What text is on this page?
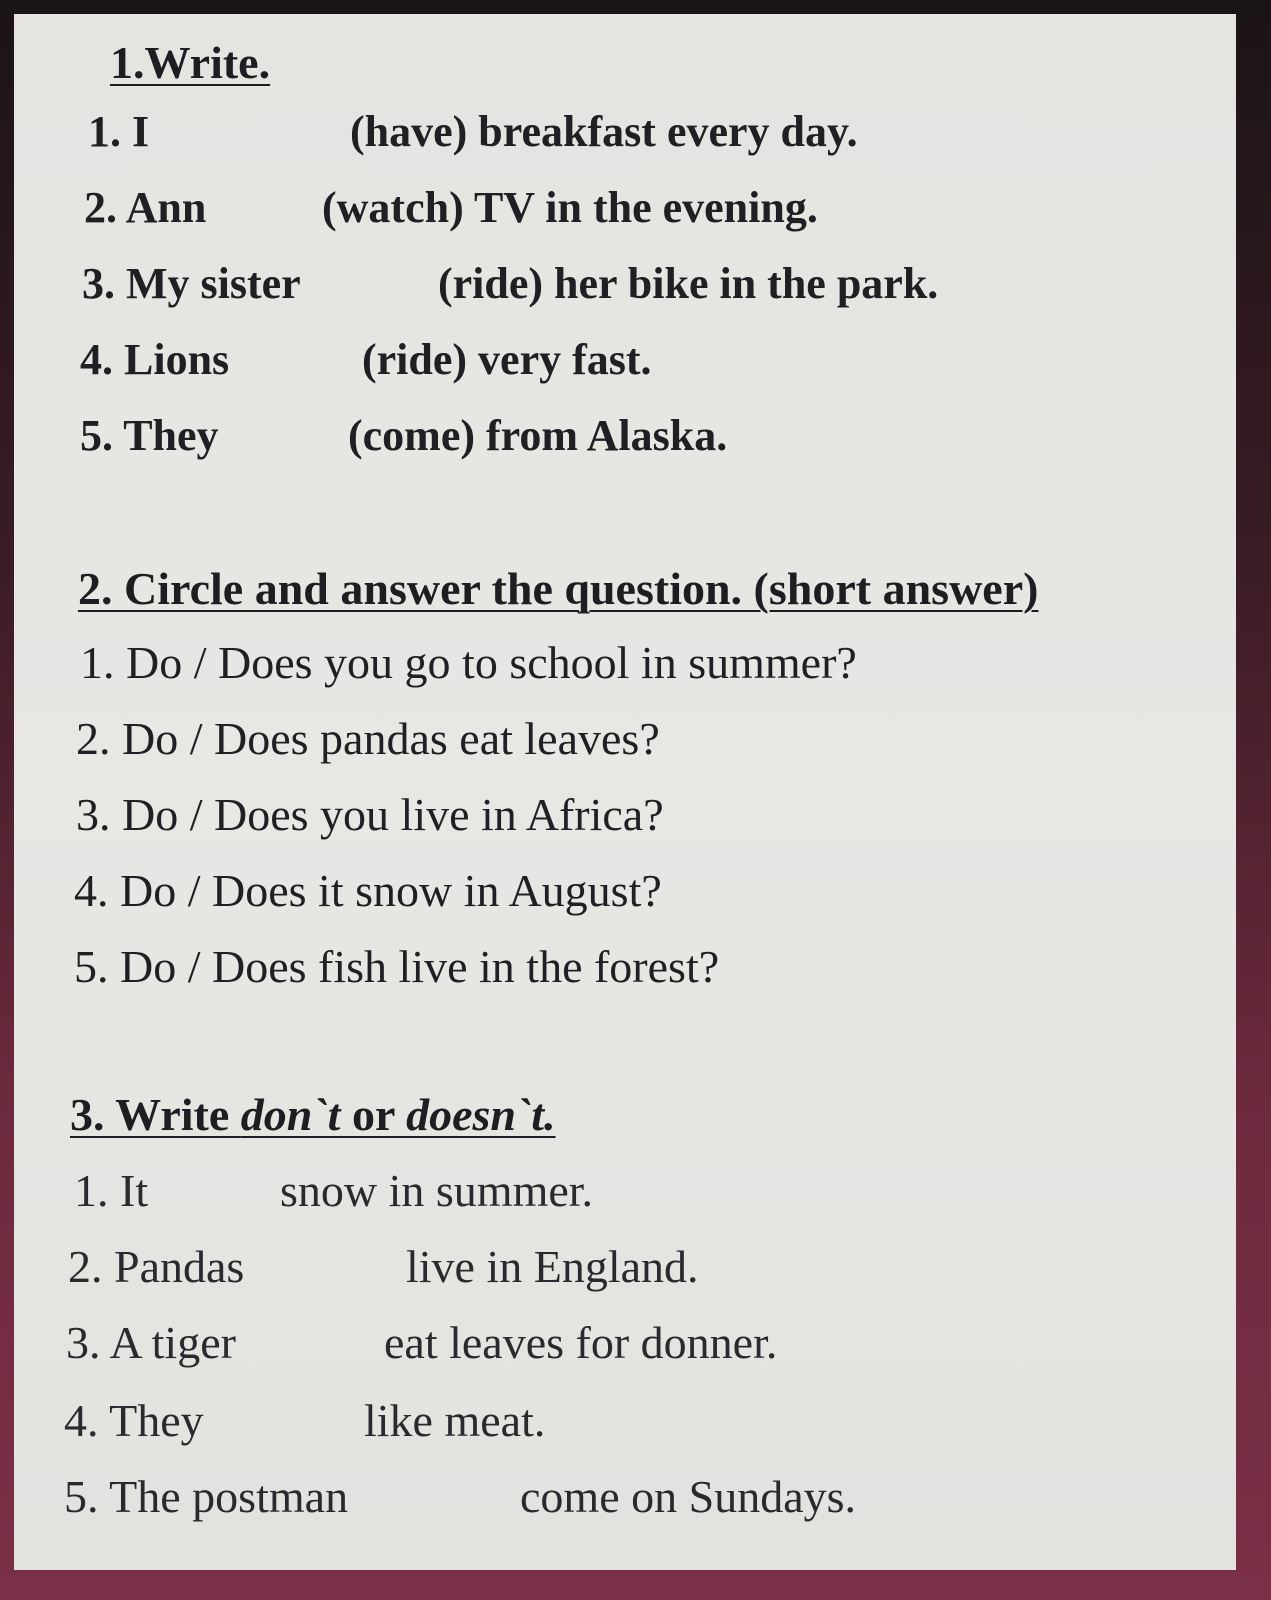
1.Write.
1. I	(have) breakfast every day.
2. Ann	(watch) TV in the evening.
3. My sister	(ride) her bike in the park.
4. Lions	(ride) very fast.
5. They	(come) from Alaska.
2. Circle and answer the question. (short answer)
1. Do / Does you go to school in summer?
2. Do / Does pandas eat leaves?
3. Do / Does you live in Africa?
4. Do / Does it snow in August?
5. Do / Does fish live in the forest?
3. Write don`t or doesn`t.
1. It	snow in summer.
2. Pandas	live in England.
3. A tiger	eat leaves for donner.
4. They	like meat.
5. The postman	come on Sundays.
